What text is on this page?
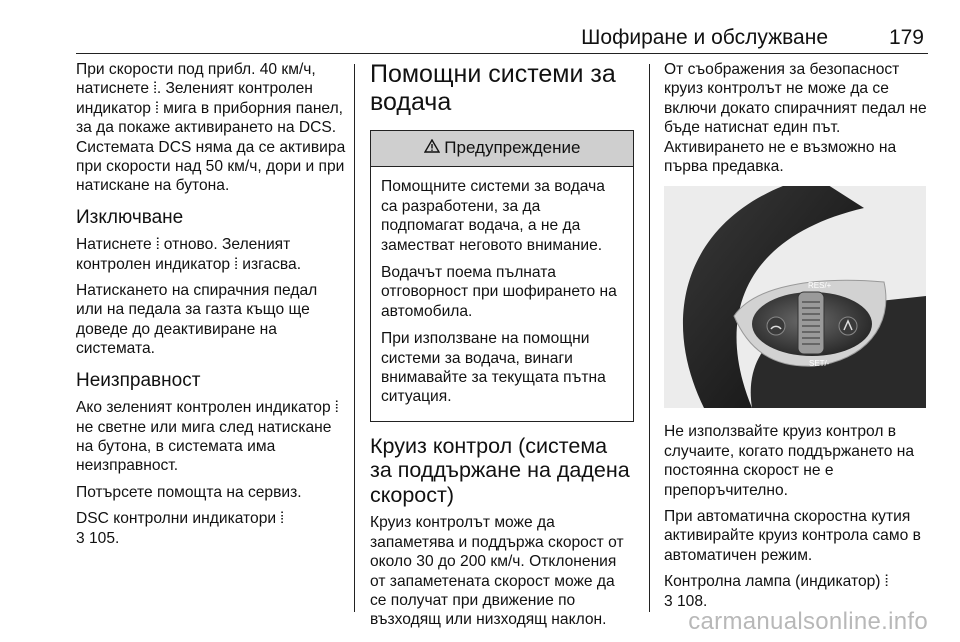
Шофиране и обслужване	179

При скорости под прибл. 40 км/ч, натиснете ⦙. Зеленият контролен индикатор ⦙ мига в приборния панел, за да покаже активирането на DCS. Системата DCS няма да се активира при скорости над 50 км/ч, дори и при натискане на бутона.

Изключване

Натиснете ⦙ отново. Зеленият контролен индикатор ⦙ изгасва.

Натискането на спирачния педал или на педала за газта къщо ще доведе до деактивиране на системата.

Неизправност

Ако зеленият контролен индикатор ⦙ не светне или мига след натискане на бутона, в системата има неизправност.

Потърсете помощта на сервиз.

DSC контролни индикатори ⦙
3 105.

Помощни системи за водача
Предупреждение

Помощните системи за водача са разработени, за да подпомагат водача, а не да заместват неговото внимание.

Водачът поема пълната отговорност при шофирането на автомобила.

При използване на помощни системи за водача, винаги внимавайте за текущата пътна ситуация.

Круиз контрол (система за поддържане на дадена скорост)

Круиз контролът може да запаметява и поддържа скорост от около 30 до 200 км/ч. Отклонения от запаметената скорост може да се получат при движение по възходящ или низходящ наклон.

От съображения за безопасност круиз контролът не може да се включи докато спирачният педал не бъде натиснат един път. Активирането не е възможно на първа предавка.

RES/+
SET/-

Не използвайте круиз контрол в случаите, когато поддържането на постоянна скорост не е препоръчително.

При автоматична скоростна кутия активирайте круиз контрола само в автоматичен режим.

Контролна лампа (индикатор) ⦙
3 108.

carmanualsonline.info
